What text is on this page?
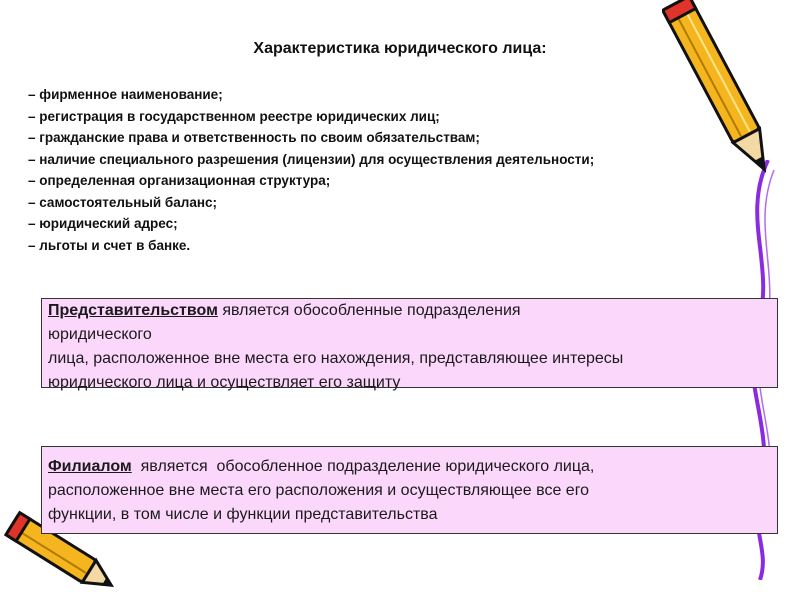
Характеристика юридического лица:
– фирменное наименование;
– регистрация в государственном реестре юридических лиц;
– гражданские права и ответственность по своим обязательствам;
– наличие специального разрешения (лицензии) для осуществления деятельности;
– определенная организационная структура;
– самостоятельный баланс;
– юридический адрес;
– льготы и счет в банке.

Представительством является обособленные подразделения

юридического

лица, расположенное вне места его нахождения, представляющее интересы

юридического лица и осуществляет его защиту

Филиалом  является  обособленное подразделение юридического лица,

расположенное вне места его расположения и осуществляющее все его

функции, в том числе и функции представительства
